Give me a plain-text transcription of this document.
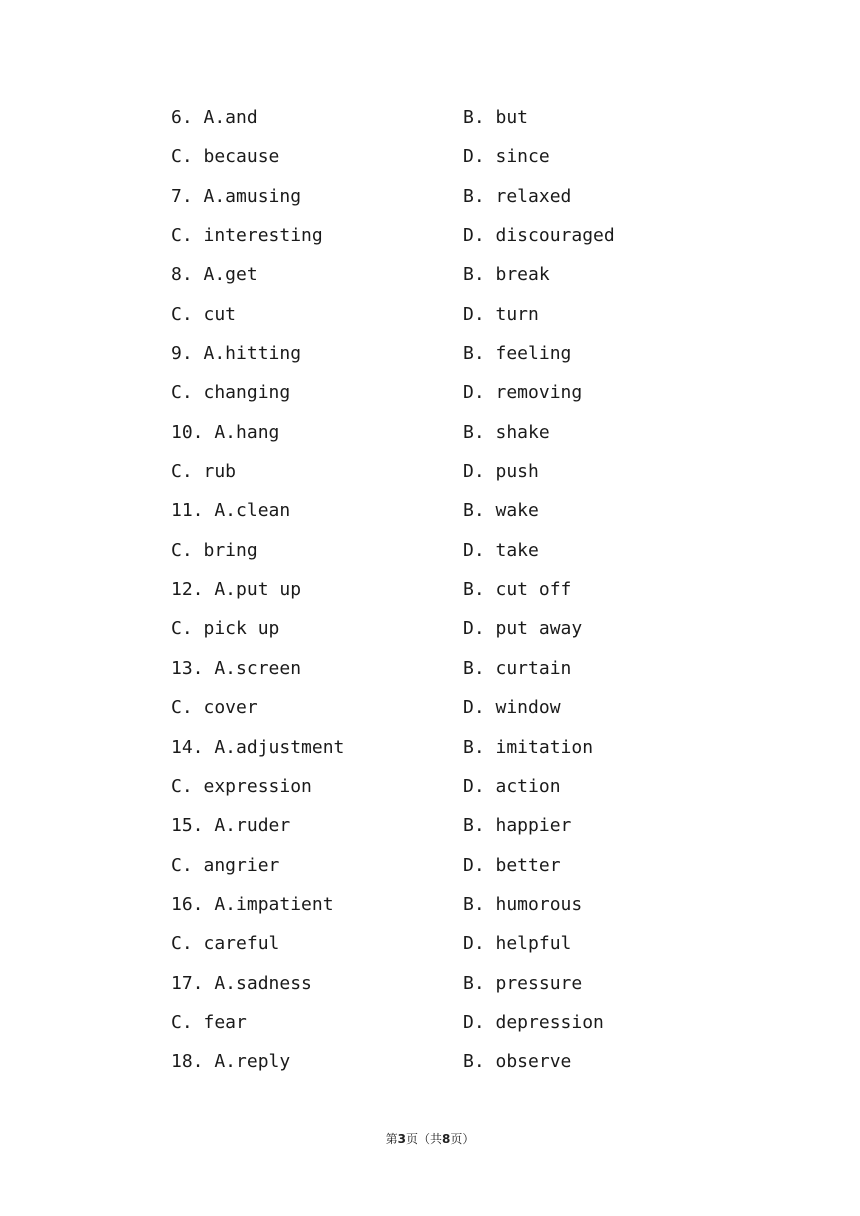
6. A.and	B. but
C. because	D. since
7. A.amusing	B. relaxed
C. interesting	D. discouraged
8. A.get	B. break
C. cut	D. turn
9. A.hitting	B. feeling
C. changing	D. removing
10. A.hang	B. shake
C. rub	D. push
11. A.clean	B. wake
C. bring	D. take
12. A.put up	B. cut off
C. pick up	D. put away
13. A.screen	B. curtain
C. cover	D. window
14. A.adjustment	B. imitation
C. expression	D. action
15. A.ruder	B. happier
C. angrier	D. better
16. A.impatient	B. humorous
C. careful	D. helpful
17. A.sadness	B. pressure
C. fear	D. depression
18. A.reply	B. observe
第3页（共8页）
